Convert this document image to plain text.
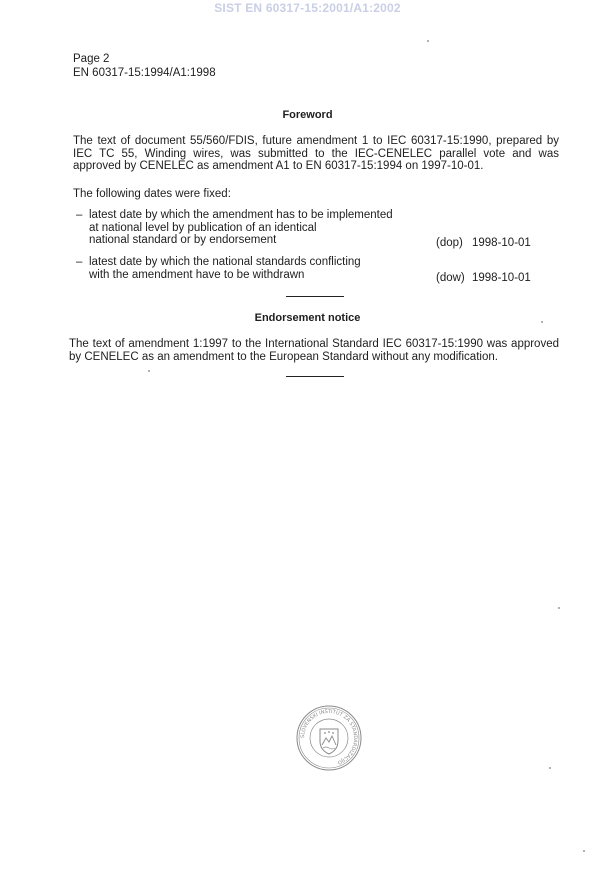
SIST EN 60317-15:2001/A1:2002
Page 2
EN 60317-15:1994/A1:1998
Foreword
The text of document 55/560/FDIS, future amendment 1 to IEC 60317-15:1990, prepared by IEC TC 55, Winding wires, was submitted to the IEC-CENELEC parallel vote and was approved by CENELEC as amendment A1 to EN 60317-15:1994 on 1997-10-01.
The following dates were fixed:
– latest date by which the amendment has to be implemented
at national level by publication of an identical
national standard or by endorsement	(dop) 1998-10-01
– latest date by which the national standards conflicting
with the amendment have to be withdrawn	(dow) 1998-10-01
Endorsement notice
The text of amendment 1:1997 to the International Standard IEC 60317-15:1990 was approved by CENELEC as an amendment to the European Standard without any modification.
SLOVENSKI INŠTITUT ZA STANDARDIZACIJO
